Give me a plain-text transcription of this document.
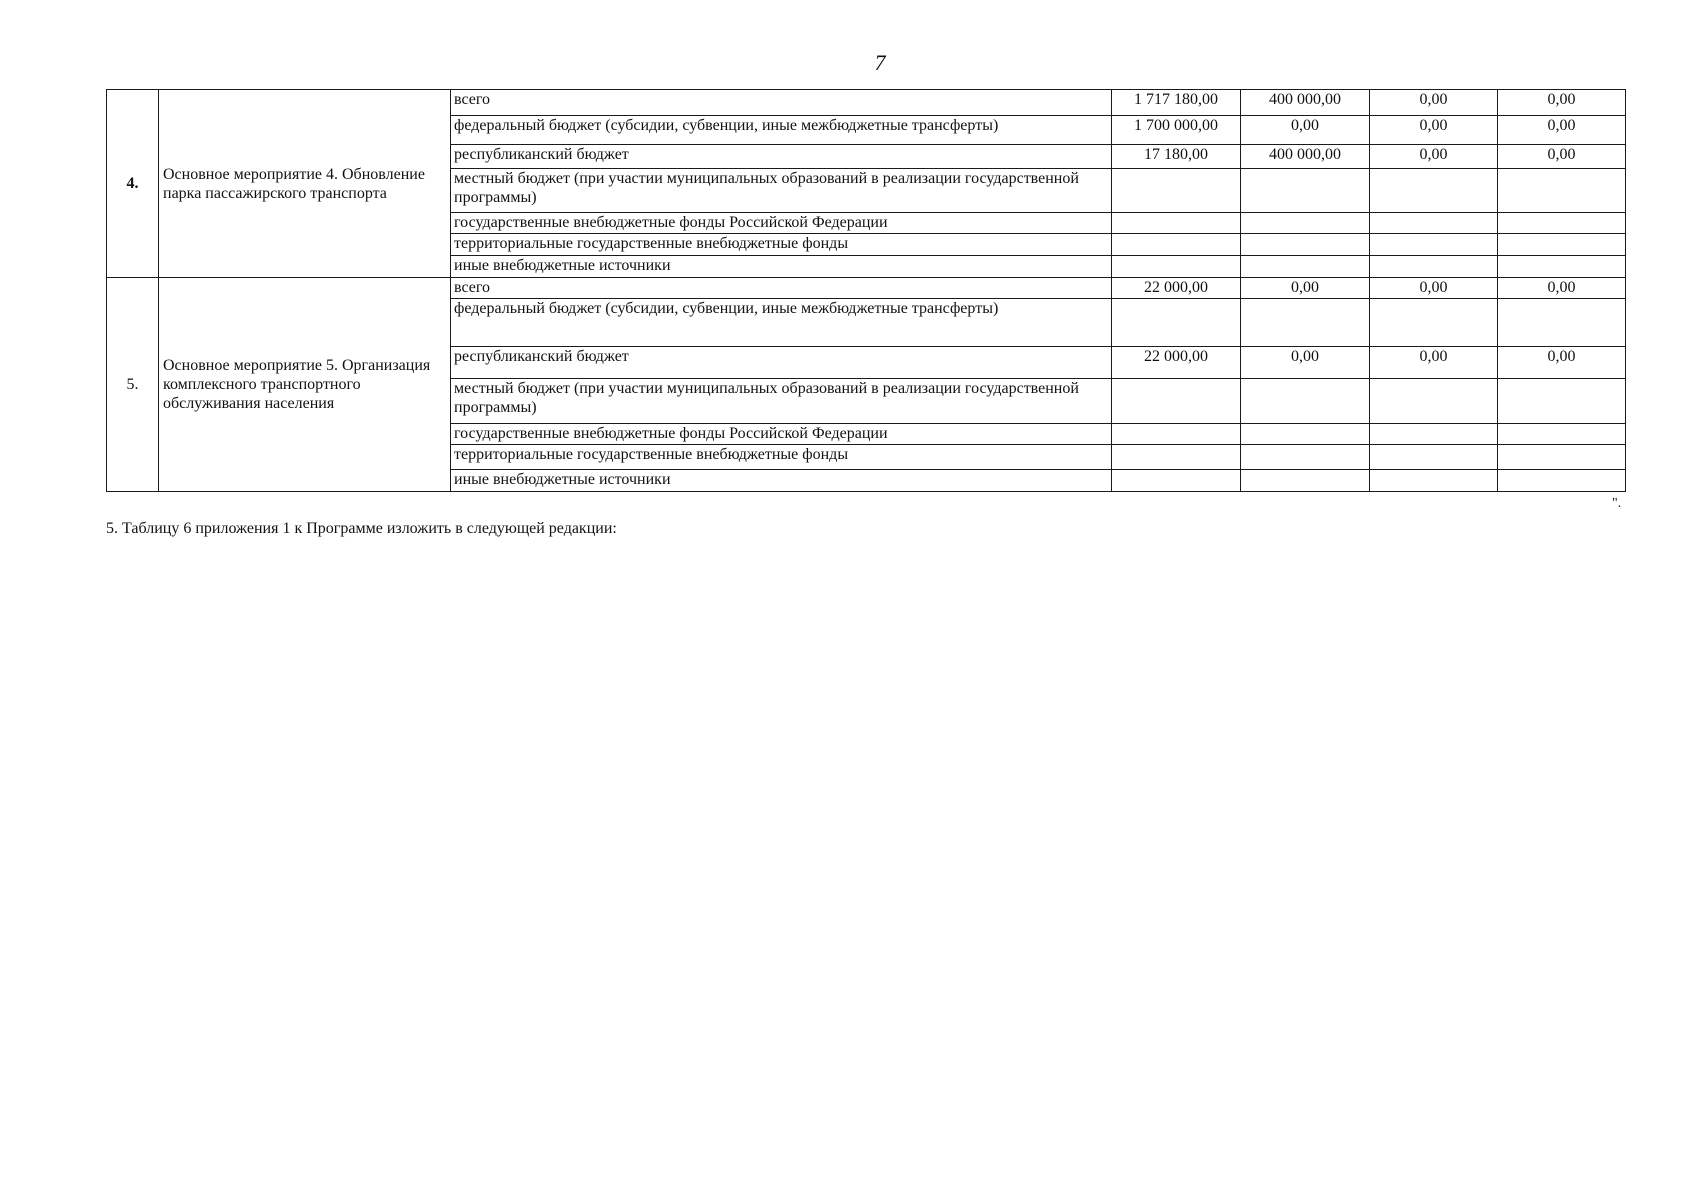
7
4.	Основное мероприятие 4. Обновление парка пассажирского транспорта	всего	1 717 180,00	400 000,00	0,00	0,00
		федеральный бюджет (субсидии, субвенции, иные межбюджетные трансферты)	1 700 000,00	0,00	0,00	0,00
		республиканский бюджет	17 180,00	400 000,00	0,00	0,00
		местный бюджет (при участии муниципальных образований в реализации государственной программы)				
		государственные внебюджетные фонды Российской Федерации				
		территориальные государственные внебюджетные фонды				
		иные внебюджетные источники				
5.	Основное мероприятие 5. Организация комплексного транспортного обслуживания населения	всего	22 000,00	0,00	0,00	0,00
		федеральный бюджет (субсидии, субвенции, иные межбюджетные трансферты)				
		республиканский бюджет	22 000,00	0,00	0,00	0,00
		местный бюджет (при участии муниципальных образований в реализации государственной программы)				
		государственные внебюджетные фонды Российской Федерации				
		территориальные государственные внебюджетные фонды				
		иные внебюджетные источники				
".
5. Таблицу 6 приложения 1 к Программе изложить в следующей редакции:
